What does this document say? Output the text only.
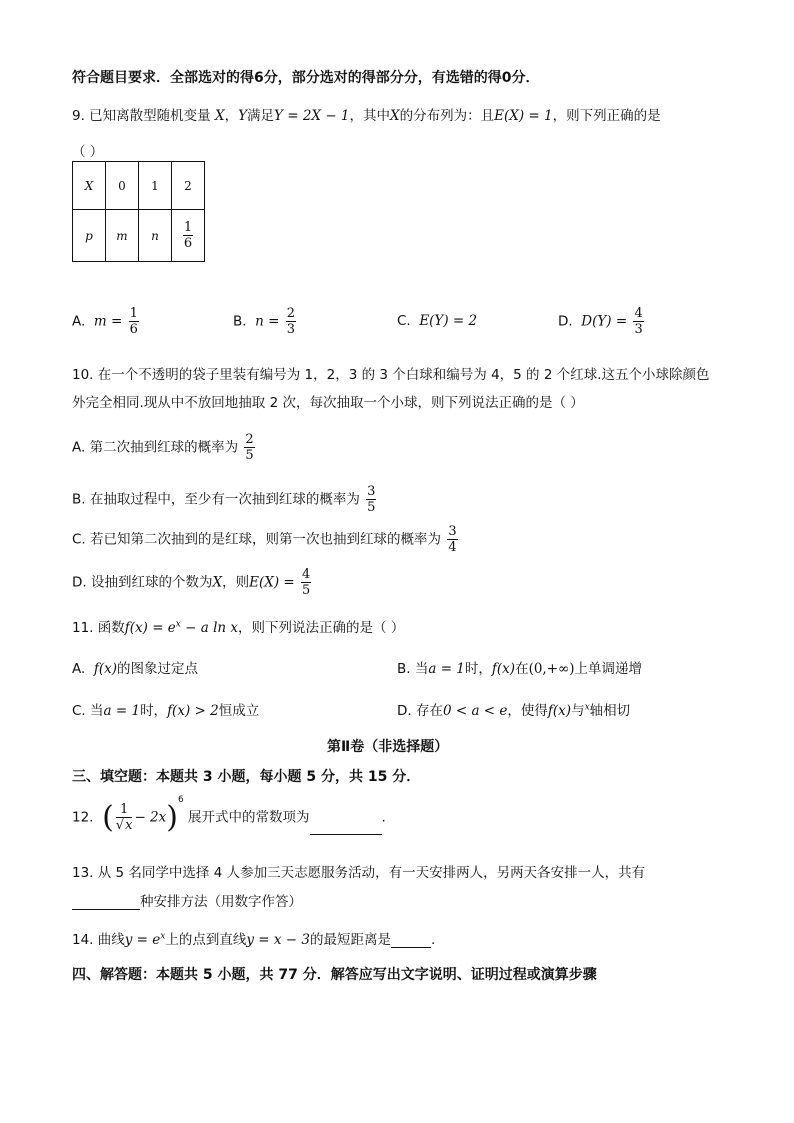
符合题目要求．全部选对的得6分，部分选对的得部分分，有选错的得0分．
9. 已知离散型随机变量 X，Y满足Y = 2X − 1，其中X的分布列为：且E(X) = 1，则下列正确的是
（ ）
X	0	1	2
p	m	n	$\frac{1}{6}$
A. $m = \frac{1}{6}$	B. $n = \frac{2}{3}$	C. E(Y) = 2	D. $D(Y) = \frac{4}{3}$
10. 在一个不透明的袋子里装有编号为 1，2，3 的 3 个白球和编号为 4，5 的 2 个红球.这五个小球除颜色
外完全相同.现从中不放回地抽取 2 次，每次抽取一个小球，则下列说法正确的是（ ）
A. 第二次抽到红球的概率为 $\frac{2}{5}$
B. 在抽取过程中，至少有一次抽到红球的概率为 $\frac{3}{5}$
C. 若已知第二次抽到的是红球，则第一次也抽到红球的概率为 $\frac{3}{4}$
D. 设抽到红球的个数为X，则$E(X) = \frac{4}{5}$
11. 函数$f(x) = e^x - a$ ln x，则下列说法正确的是（ ）
A. f(x)的图象过定点	B. 当a = 1时，f(x)在(0,+∞)上单调递增
C. 当a = 1时，f(x) > 2恒成立	D. 存在0 < a < e，使得f(x)与$^x$轴相切
第Ⅱ卷（非选择题）
三、填空题：本题共 3 小题，每小题 5 分，共 15 分．
12. ( $\frac{1}{√x} - 2x)^6$ 展开式中的常数项为	.
13. 从 5 名同学中选择 4 人参加三天志愿服务活动，有一天安排两人，另两天各安排一人，共有
种安排方法（用数字作答）
14. 曲线$y = e^x$上的点到直线y = x − 3的最短距离是	.
四、解答题：本题共 5 小题，共 77 分．解答应写出文字说明、证明过程或演算步骤
